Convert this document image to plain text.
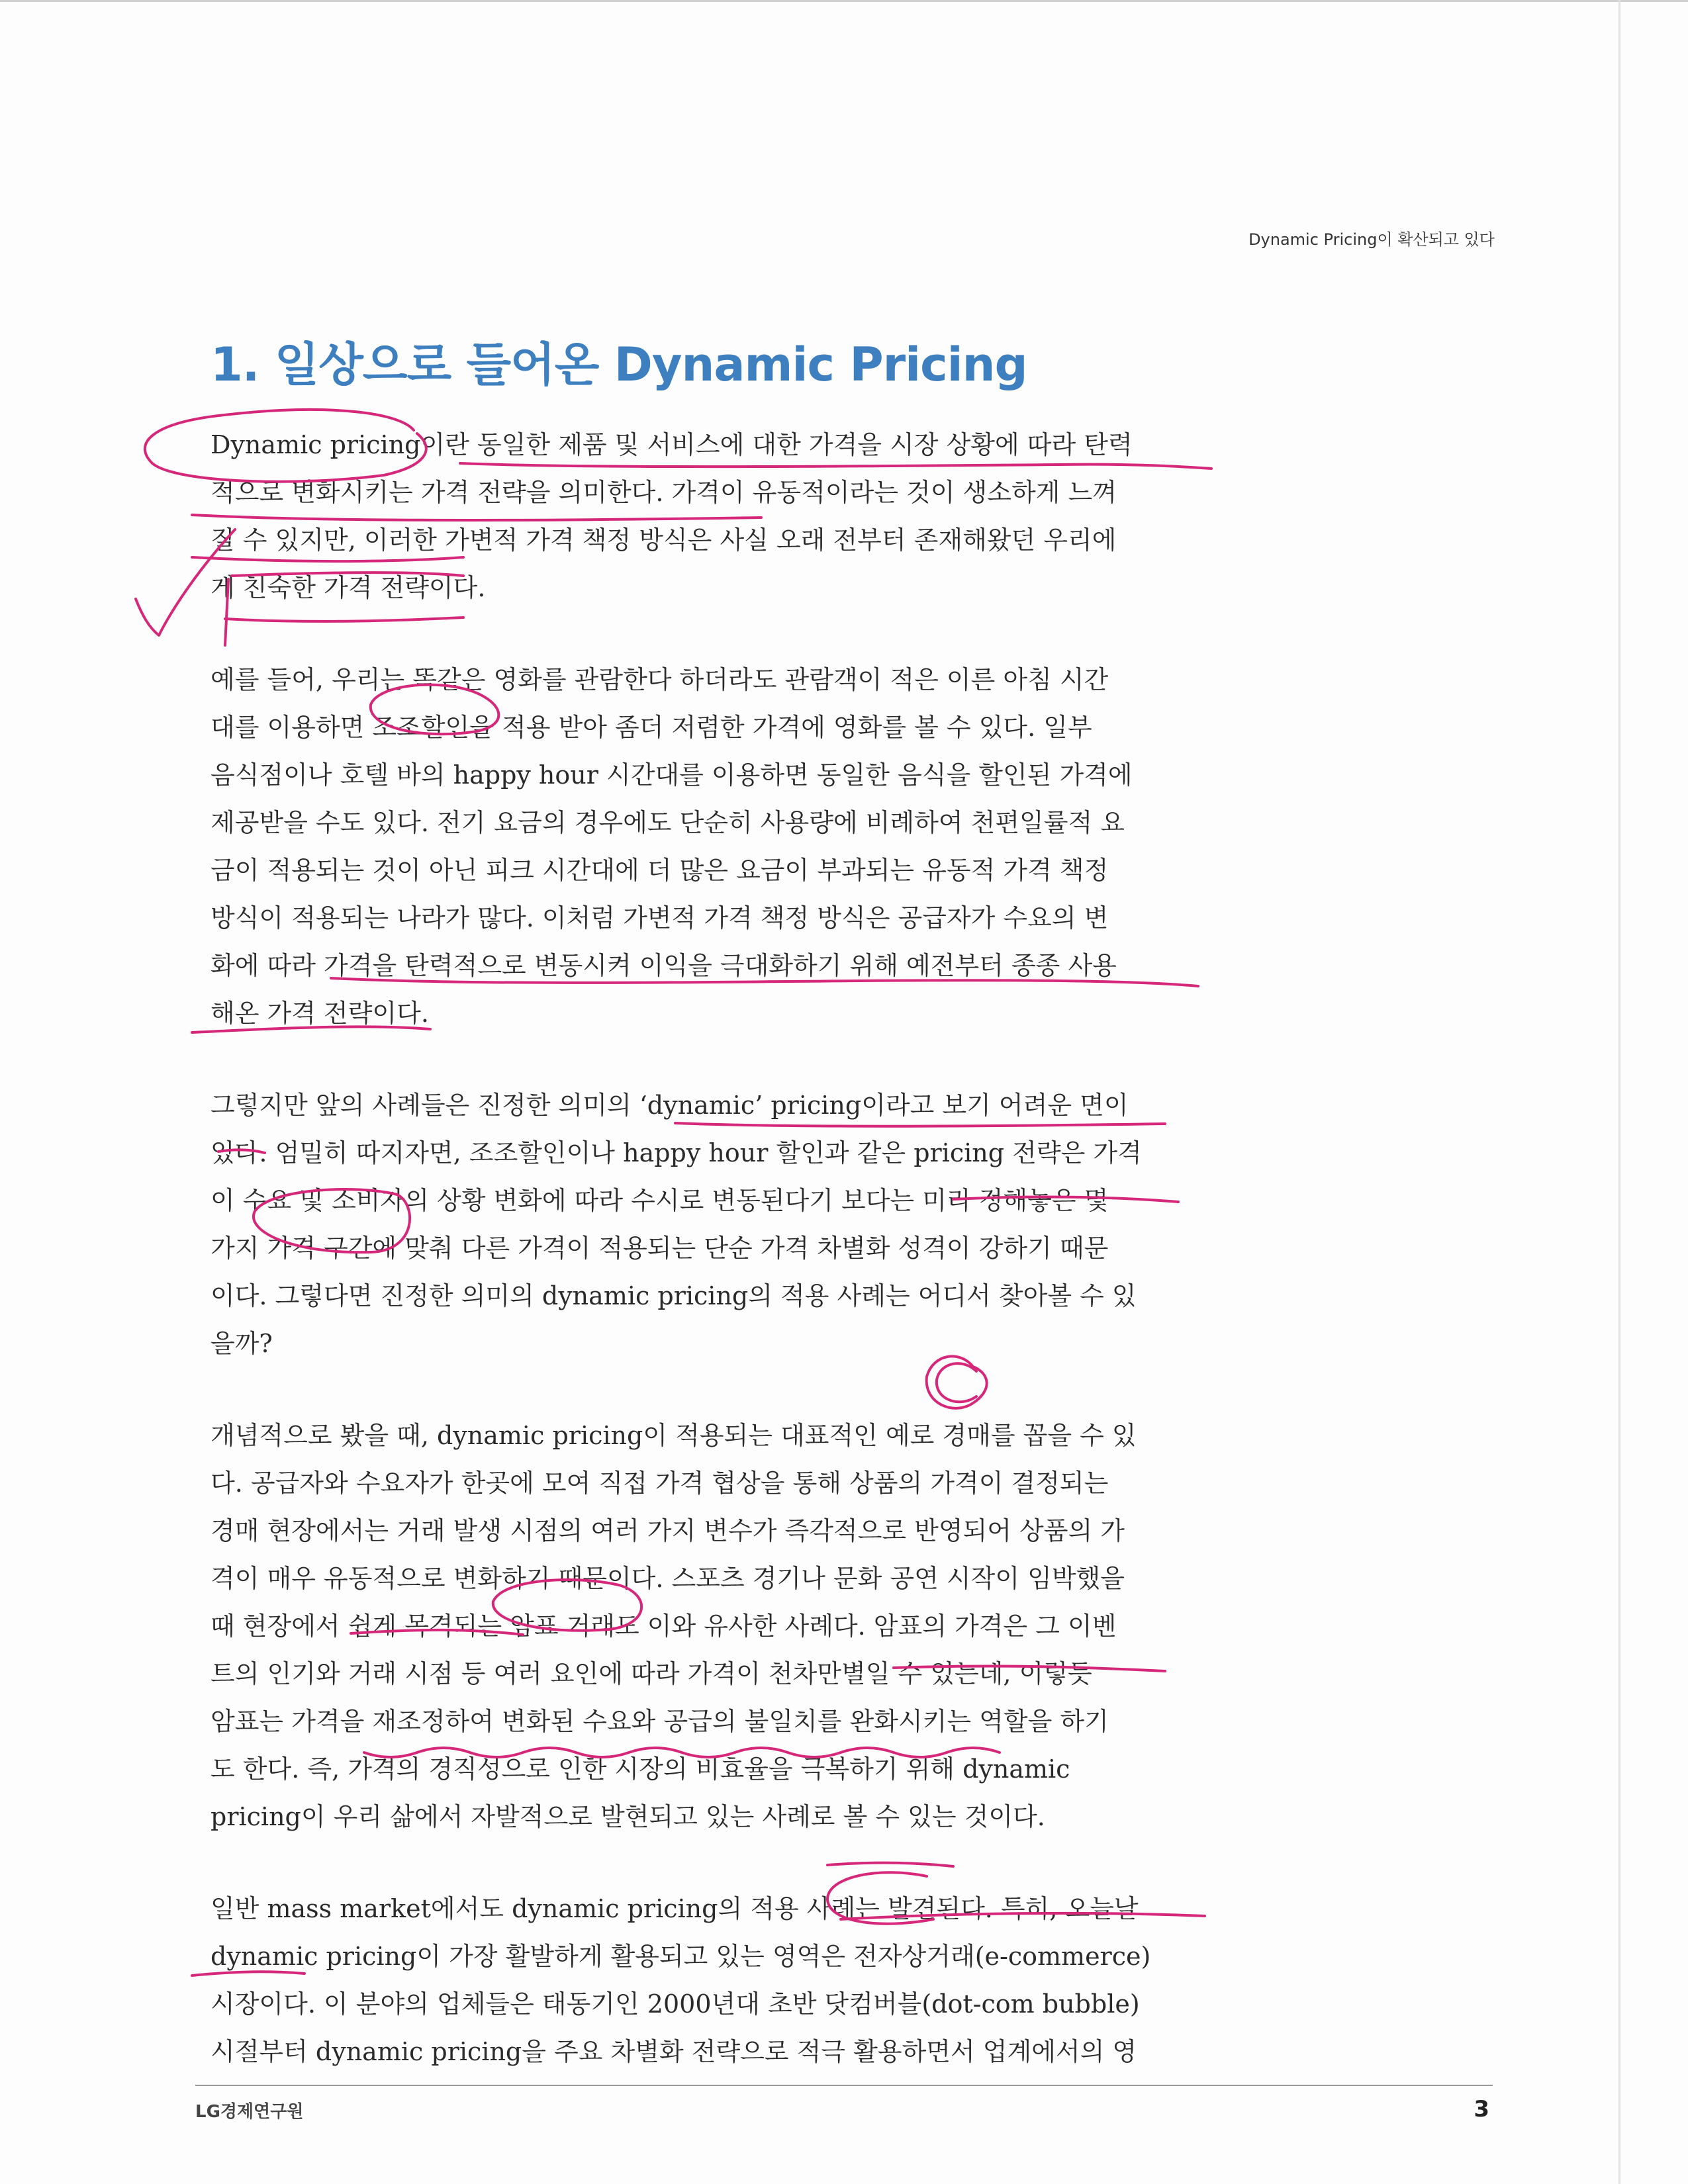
Dynamic Pricing이 확산되고 있다
1. 일상으로 들어온 Dynamic Pricing

Dynamic pricing이란 동일한 제품 및 서비스에 대한 가격을 시장 상황에 따라 탄력
적으로 변화시키는 가격 전략을 의미한다. 가격이 유동적이라는 것이 생소하게 느껴
질 수 있지만, 이러한 가변적 가격 책정 방식은 사실 오래 전부터 존재해왔던 우리에
게 친숙한 가격 전략이다.

예를 들어, 우리는 똑같은 영화를 관람한다 하더라도 관람객이 적은 이른 아침 시간
대를 이용하면 조조할인을 적용 받아 좀더 저렴한 가격에 영화를 볼 수 있다. 일부
음식점이나 호텔 바의 happy hour 시간대를 이용하면 동일한 음식을 할인된 가격에
제공받을 수도 있다. 전기 요금의 경우에도 단순히 사용량에 비례하여 천편일률적 요
금이 적용되는 것이 아닌 피크 시간대에 더 많은 요금이 부과되는 유동적 가격 책정
방식이 적용되는 나라가 많다. 이처럼 가변적 가격 책정 방식은 공급자가 수요의 변
화에 따라 가격을 탄력적으로 변동시켜 이익을 극대화하기 위해 예전부터 종종 사용
해온 가격 전략이다.

그렇지만 앞의 사례들은 진정한 의미의 ‘dynamic’ pricing이라고 보기 어려운 면이
있다. 엄밀히 따지자면, 조조할인이나 happy hour 할인과 같은 pricing 전략은 가격
이 수요 및 소비자의 상황 변화에 따라 수시로 변동된다기 보다는 미리 정해놓은 몇
가지 가격 구간에 맞춰 다른 가격이 적용되는 단순 가격 차별화 성격이 강하기 때문
이다. 그렇다면 진정한 의미의 dynamic pricing의 적용 사례는 어디서 찾아볼 수 있
을까?

개념적으로 봤을 때, dynamic pricing이 적용되는 대표적인 예로 경매를 꼽을 수 있
다. 공급자와 수요자가 한곳에 모여 직접 가격 협상을 통해 상품의 가격이 결정되는
경매 현장에서는 거래 발생 시점의 여러 가지 변수가 즉각적으로 반영되어 상품의 가
격이 매우 유동적으로 변화하기 때문이다. 스포츠 경기나 문화 공연 시작이 임박했을
때 현장에서 쉽게 목격되는 암표 거래도 이와 유사한 사례다. 암표의 가격은 그 이벤
트의 인기와 거래 시점 등 여러 요인에 따라 가격이 천차만별일 수 있는데, 이렇듯
암표는 가격을 재조정하여 변화된 수요와 공급의 불일치를 완화시키는 역할을 하기
도 한다. 즉, 가격의 경직성으로 인한 시장의 비효율을 극복하기 위해 dynamic
pricing이 우리 삶에서 자발적으로 발현되고 있는 사례로 볼 수 있는 것이다.

일반 mass market에서도 dynamic pricing의 적용 사례는 발견된다. 특히, 오늘날
dynamic pricing이 가장 활발하게 활용되고 있는 영역은 전자상거래(e-commerce)
시장이다. 이 분야의 업체들은 태동기인 2000년대 초반 닷컴버블(dot-com bubble)
시절부터 dynamic pricing을 주요 차별화 전략으로 적극 활용하면서 업계에서의 영

LG경제연구원	3
